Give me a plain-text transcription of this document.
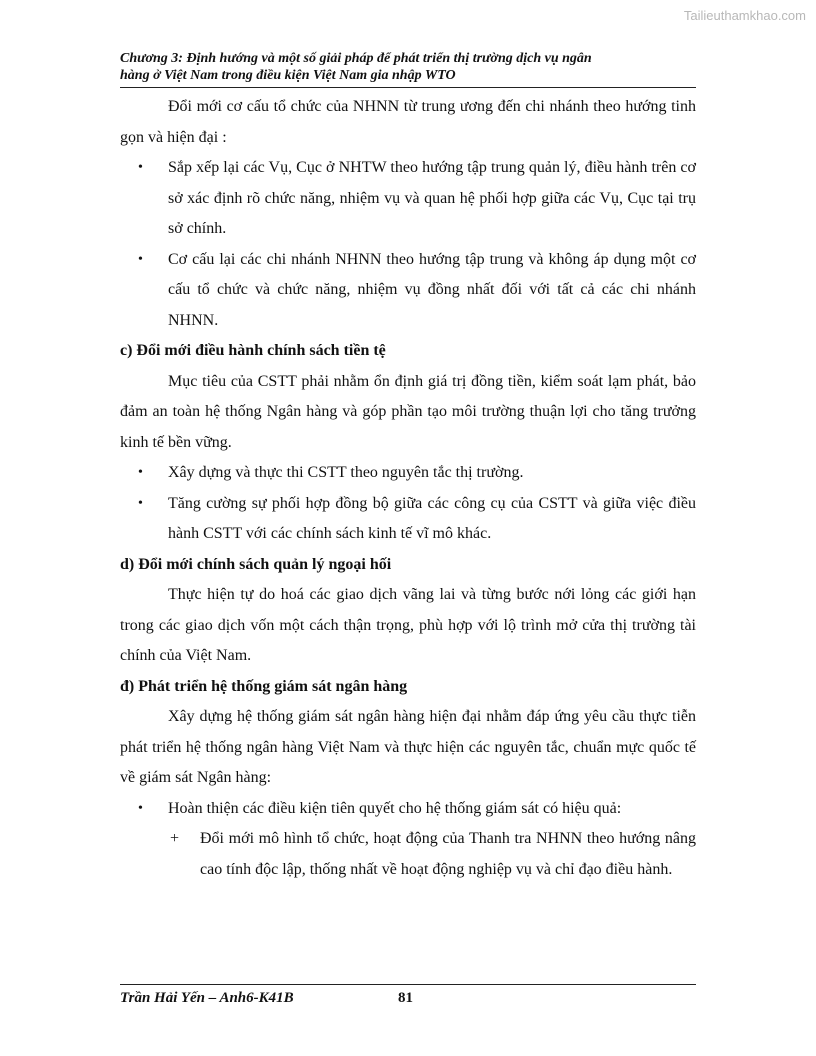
Tailieuthamkhao.com
Chương 3: Định hướng và một số giải pháp để phát triển thị trường dịch vụ ngân
hàng ở Việt Nam trong điều kiện Việt Nam gia nhập WTO

Đổi mới cơ cấu tổ chức của NHNN từ trung ương đến chi nhánh theo hướng tinh gọn và hiện đại :

• Sắp xếp lại các Vụ, Cục ở NHTW theo hướng tập trung quản lý, điều hành trên cơ sở xác định rõ chức năng, nhiệm vụ và quan hệ phối hợp giữa các Vụ, Cục tại trụ sở chính.
• Cơ cấu lại các chi nhánh NHNN theo hướng tập trung và không áp dụng một cơ cấu tổ chức và chức năng, nhiệm vụ đồng nhất đối với tất cả các chi nhánh NHNN.

c) Đổi mới điều hành chính sách tiền tệ

Mục tiêu của CSTT phải nhằm ổn định giá trị đồng tiền, kiểm soát lạm phát, bảo đảm an toàn hệ thống Ngân hàng và góp phần tạo môi trường thuận lợi cho tăng trưởng kinh tế bền vững.

• Xây dựng và thực thi CSTT theo nguyên tắc thị trường.
• Tăng cường sự phối hợp đồng bộ giữa các công cụ của CSTT và giữa việc điều hành CSTT với các chính sách kinh tế vĩ mô khác.

d) Đổi mới chính sách quản lý ngoại hối

Thực hiện tự do hoá các giao dịch vãng lai và từng bước nới lỏng các giới hạn trong các giao dịch vốn một cách thận trọng, phù hợp với lộ trình mở cửa thị trường tài chính của Việt Nam.

đ) Phát triển hệ thống giám sát ngân hàng

Xây dựng hệ thống giám sát ngân hàng hiện đại nhằm đáp ứng yêu cầu thực tiễn phát triển hệ thống ngân hàng Việt Nam và thực hiện các nguyên tắc, chuẩn mực quốc tế về giám sát Ngân hàng:

• Hoàn thiện các điều kiện tiên quyết cho hệ thống giám sát có hiệu quả:
+ Đổi mới mô hình tổ chức, hoạt động của Thanh tra NHNN theo hướng nâng cao tính độc lập, thống nhất về hoạt động nghiệp vụ và chỉ đạo điều hành.
Trần Hải Yến – Anh6-K41B	81
